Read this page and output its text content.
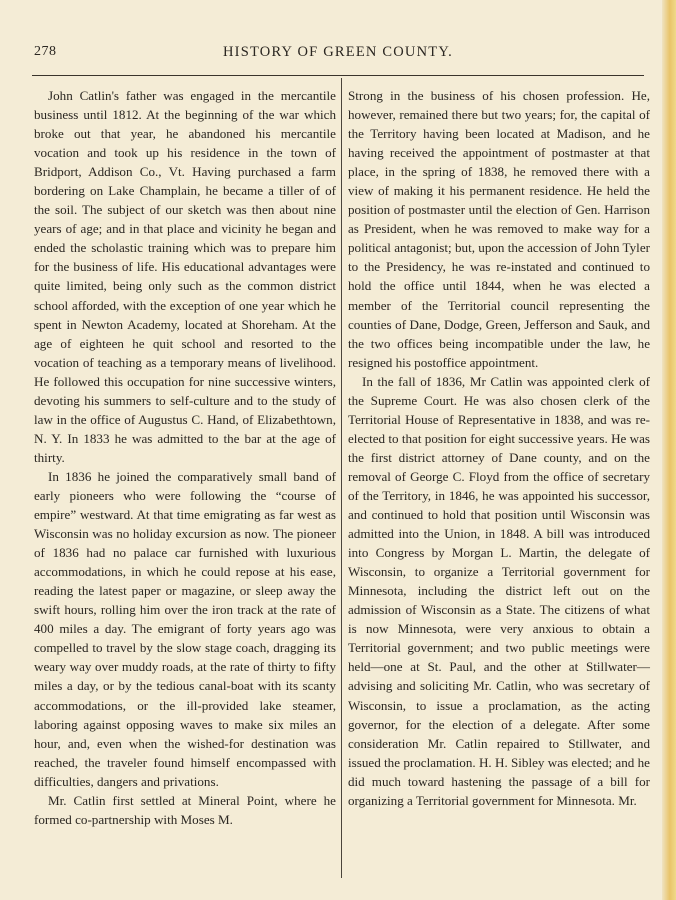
278	HISTORY OF GREEN COUNTY.

John Catlin's father was engaged in the mercantile business until 1812. At the beginning of the war which broke out that year, he abandoned his mercantile vocation and took up his residence in the town of Bridport, Addison Co., Vt. Having purchased a farm bordering on Lake Champlain, he became a tiller of of the soil. The subject of our sketch was then about nine years of age; and in that place and vicinity he began and ended the scholastic training which was to prepare him for the business of life. His educational advantages were quite limited, being only such as the common district school afforded, with the exception of one year which he spent in Newton Academy, located at Shoreham. At the age of eighteen he quit school and resorted to the vocation of teaching as a temporary means of livelihood. He followed this occupation for nine successive winters, devoting his summers to self-culture and to the study of law in the office of Augustus C. Hand, of Elizabethtown, N. Y. In 1833 he was admitted to the bar at the age of thirty.

In 1836 he joined the comparatively small band of early pioneers who were following the “course of empire” westward. At that time emigrating as far west as Wisconsin was no holiday excursion as now. The pioneer of 1836 had no palace car furnished with luxurious accommodations, in which he could repose at his ease, reading the latest paper or magazine, or sleep away the swift hours, rolling him over the iron track at the rate of 400 miles a day. The emigrant of forty years ago was compelled to travel by the slow stage coach, dragging its weary way over muddy roads, at the rate of thirty to fifty miles a day, or by the tedious canal-boat with its scanty accommodations, or the ill-provided lake steamer, laboring against opposing waves to make six miles an hour, and, even when the wished-for destination was reached, the traveler found himself encompassed with difficulties, dangers and privations.

Mr. Catlin first settled at Mineral Point, where he formed co-partnership with Moses M.

Strong in the business of his chosen profession. He, however, remained there but two years; for, the capital of the Territory having been located at Madison, and he having received the appointment of postmaster at that place, in the spring of 1838, he removed there with a view of making it his permanent residence. He held the position of postmaster until the election of Gen. Harrison as President, when he was removed to make way for a political antagonist; but, upon the accession of John Tyler to the Presidency, he was re-instated and continued to hold the office until 1844, when he was elected a member of the Territorial council representing the counties of Dane, Dodge, Green, Jefferson and Sauk, and the two offices being incompatible under the law, he resigned his postoffice appointment.

In the fall of 1836, Mr Catlin was appointed clerk of the Supreme Court. He was also chosen clerk of the Territorial House of Representative in 1838, and was re-elected to that position for eight successive years. He was the first district attorney of Dane county, and on the removal of George C. Floyd from the office of secretary of the Territory, in 1846, he was appointed his successor, and continued to hold that position until Wisconsin was admitted into the Union, in 1848. A bill was introduced into Congress by Morgan L. Martin, the delegate of Wisconsin, to organize a Territorial government for Minnesota, including the district left out on the admission of Wisconsin as a State. The citizens of what is now Minnesota, were very anxious to obtain a Territorial government; and two public meetings were held—one at St. Paul, and the other at Stillwater—advising and soliciting Mr. Catlin, who was secretary of Wisconsin, to issue a proclamation, as the acting governor, for the election of a delegate. After some consideration Mr. Catlin repaired to Stillwater, and issued the proclamation. H. H. Sibley was elected; and he did much toward hastening the passage of a bill for organizing a Territorial government for Minnesota. Mr.
